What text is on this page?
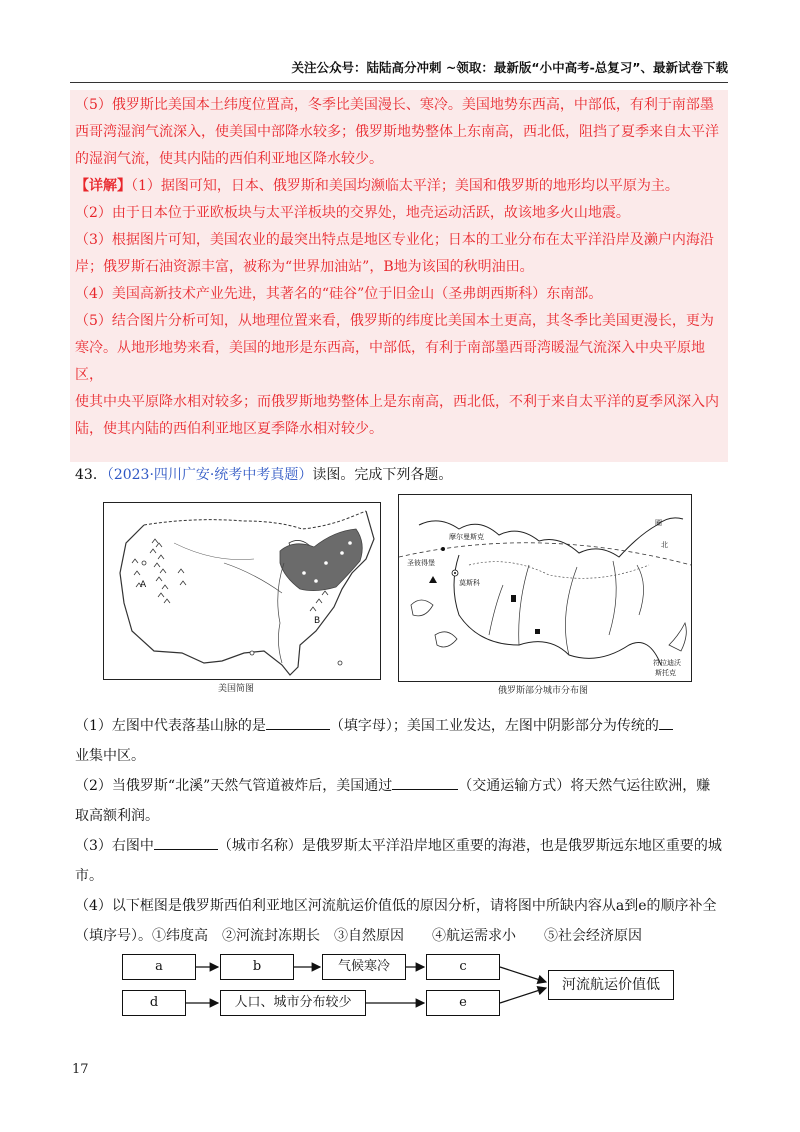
关注公众号：陆陆高分冲刺 ~领取：最新版“小中高考-总复习”、最新试卷下载

（5）俄罗斯比美国本土纬度位置高，冬季比美国漫长、寒冷。美国地势东西高，中部低，有利于南部墨

西哥湾湿润气流深入，使美国中部降水较多；俄罗斯地势整体上东南高，西北低，阻挡了夏季来自太平洋

的湿润气流，使其内陆的西伯利亚地区降水较少。

【详解】（1）据图可知，日本、俄罗斯和美国均濒临太平洋；美国和俄罗斯的地形均以平原为主。

（2）由于日本位于亚欧板块与太平洋板块的交界处，地壳运动活跃，故该地多火山地震。

（3）根据图片可知，美国农业的最突出特点是地区专业化；日本的工业分布在太平洋沿岸及濑户内海沿

岸；俄罗斯石油资源丰富，被称为“世界加油站”，B地为该国的秋明油田。

（4）美国高新技术产业先进，其著名的“硅谷”位于旧金山（圣弗朗西斯科）东南部。

（5）结合图片分析可知，从地理位置来看，俄罗斯的纬度比美国本土更高，其冬季比美国更漫长，更为

寒冷。从地形地势来看，美国的地形是东西高，中部低，有利于南部墨西哥湾暖湿气流深入中央平原地区，

使其中央平原降水相对较多；而俄罗斯地势整体上是东南高，西北低，不利于来自太平洋的夏季风深入内

陆，使其内陆的西伯利亚地区夏季降水相对较少。

43．（2023·四川广安·统考中考真题）读图。完成下列各题。

A
B
美国简图
摩尔曼斯克
圣彼得堡
莫斯科
圈
北
符拉迪沃
斯托克
俄罗斯部分城市分布图

（1）左图中代表落基山脉的是	（填字母）；美国工业发达，左图中阴影部分为传统的

业集中区。

（2）当俄罗斯“北溪”天然气管道被炸后，美国通过	（交通运输方式）将天然气运往欧洲，赚

取高额利润。

（3）右图中	（城市名称）是俄罗斯太平洋沿岸地区重要的海港，也是俄罗斯远东地区重要的城

市。

（4）以下框图是俄罗斯西伯利亚地区河流航运价值低的原因分析，请将图中所缺内容从a到e的顺序补全

（填序号）。①纬度高　②河流封冻期长　③自然原因　　④航运需求小　　⑤社会经济原因

a	b	气候寒冷	c
d	人口、城市分布较少	e
河流航运价值低
17
